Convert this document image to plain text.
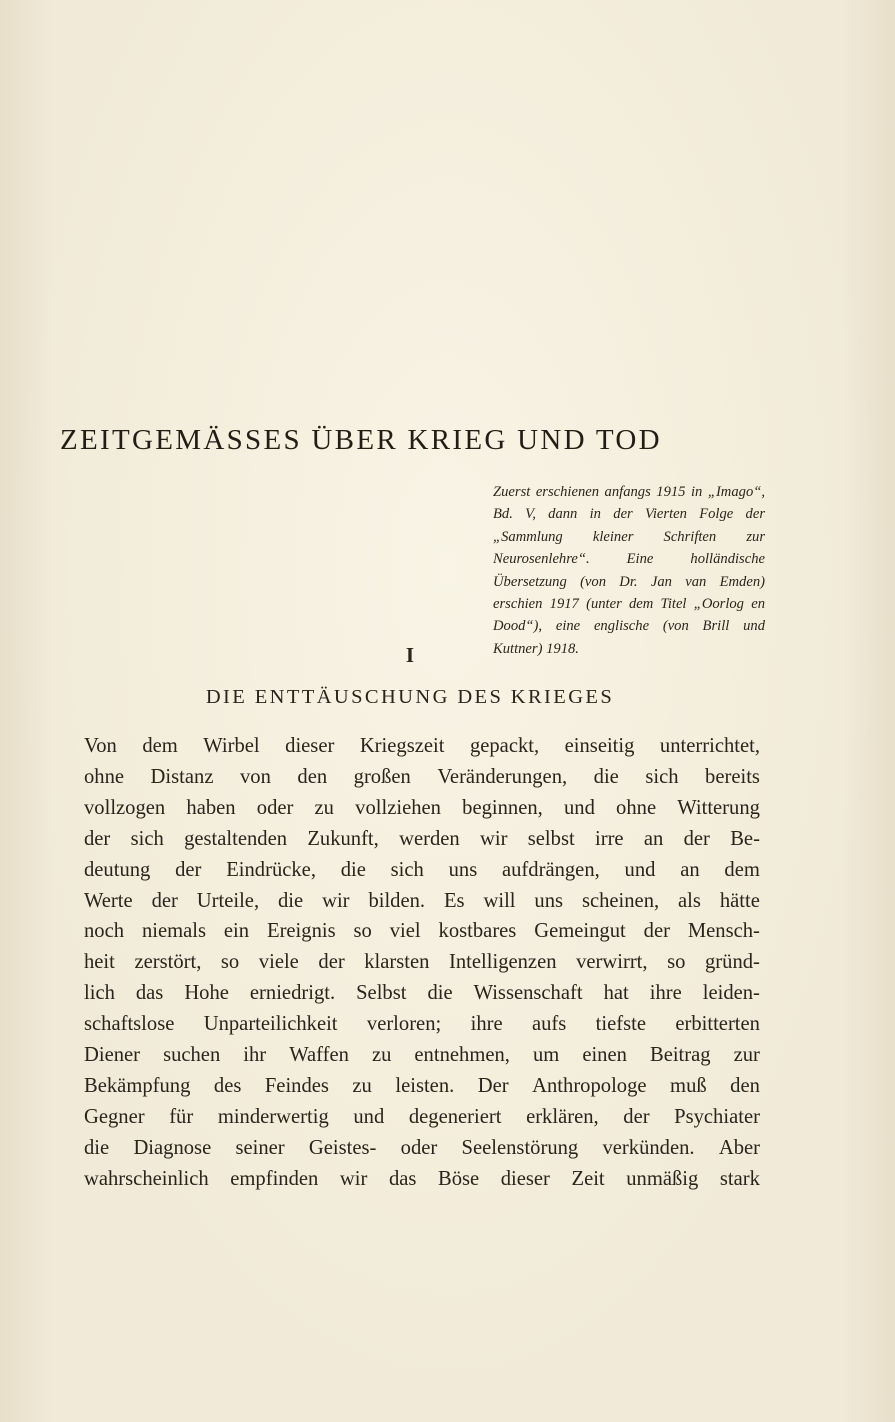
ZEITGEMÄSSES ÜBER KRIEG UND TOD

Zuerst erschienen anfangs 1915 in „Imago“, Bd. V, dann in der Vierten Folge der „Sammlung kleiner Schriften zur Neurosenlehre“. Eine holländische Übersetzung (von Dr. Jan van Emden) erschien 1917 (unter dem Titel „Oorlog en Dood“), eine englische (von Brill und Kuttner) 1918.

I
DIE ENTTÄUSCHUNG DES KRIEGES
Von dem Wirbel dieser Kriegszeit gepackt, einseitig unterrichtet,
ohne Distanz von den großen Veränderungen, die sich bereits
vollzogen haben oder zu vollziehen beginnen, und ohne Witterung
der sich gestaltenden Zukunft, werden wir selbst irre an der Be-
deutung der Eindrücke, die sich uns aufdrängen, und an dem
Werte der Urteile, die wir bilden. Es will uns scheinen, als hätte
noch niemals ein Ereignis so viel kostbares Gemeingut der Mensch-
heit zerstört, so viele der klarsten Intelligenzen verwirrt, so gründ-
lich das Hohe erniedrigt. Selbst die Wissenschaft hat ihre leiden-
schaftslose Unparteilichkeit verloren; ihre aufs tiefste erbitterten
Diener suchen ihr Waffen zu entnehmen, um einen Beitrag zur
Bekämpfung des Feindes zu leisten. Der Anthropologe muß den
Gegner für minderwertig und degeneriert erklären, der Psychiater
die Diagnose seiner Geistes- oder Seelenstörung verkünden. Aber
wahrscheinlich empfinden wir das Böse dieser Zeit unmäßig stark
